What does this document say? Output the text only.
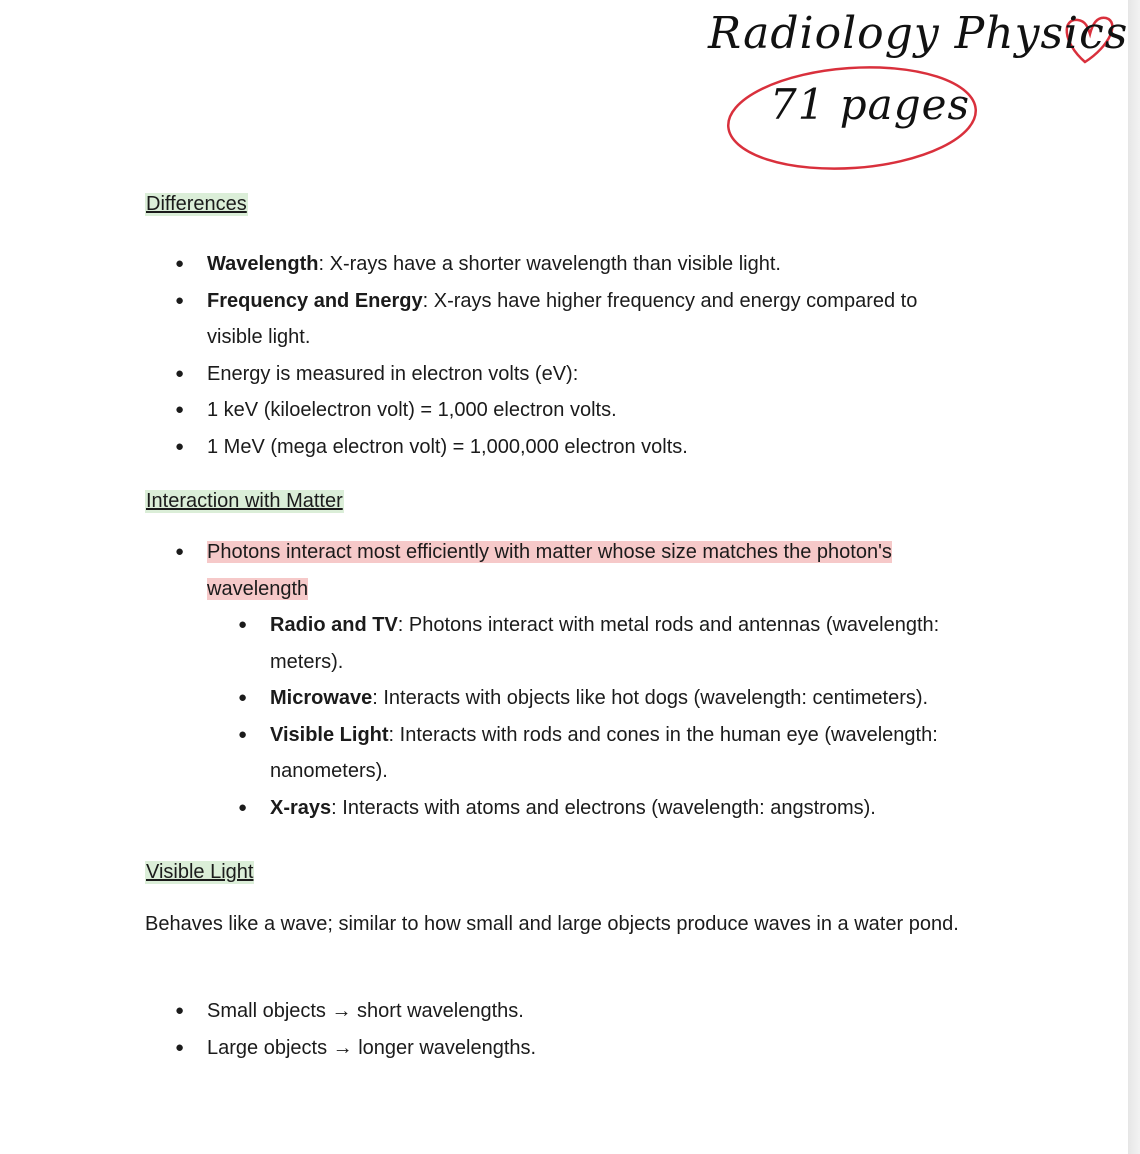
Radiology Physics
71 pages
Differences
● Wavelength: X-rays have a shorter wavelength than visible light.
● Frequency and Energy: X-rays have higher frequency and energy compared to visible light.
● Energy is measured in electron volts (eV):
● 1 keV (kiloelectron volt) = 1,000 electron volts.
● 1 MeV (mega electron volt) = 1,000,000 electron volts.
Interaction with Matter
● Photons interact most efficiently with matter whose size matches the photon's wavelength
● Radio and TV: Photons interact with metal rods and antennas (wavelength: meters).
● Microwave: Interacts with objects like hot dogs (wavelength: centimeters).
● Visible Light: Interacts with rods and cones in the human eye (wavelength: nanometers).
● X-rays: Interacts with atoms and electrons (wavelength: angstroms).
Visible Light

Behaves like a wave; similar to how small and large objects produce waves in a water pond.

● Small objects → short wavelengths.
● Large objects → longer wavelengths.
